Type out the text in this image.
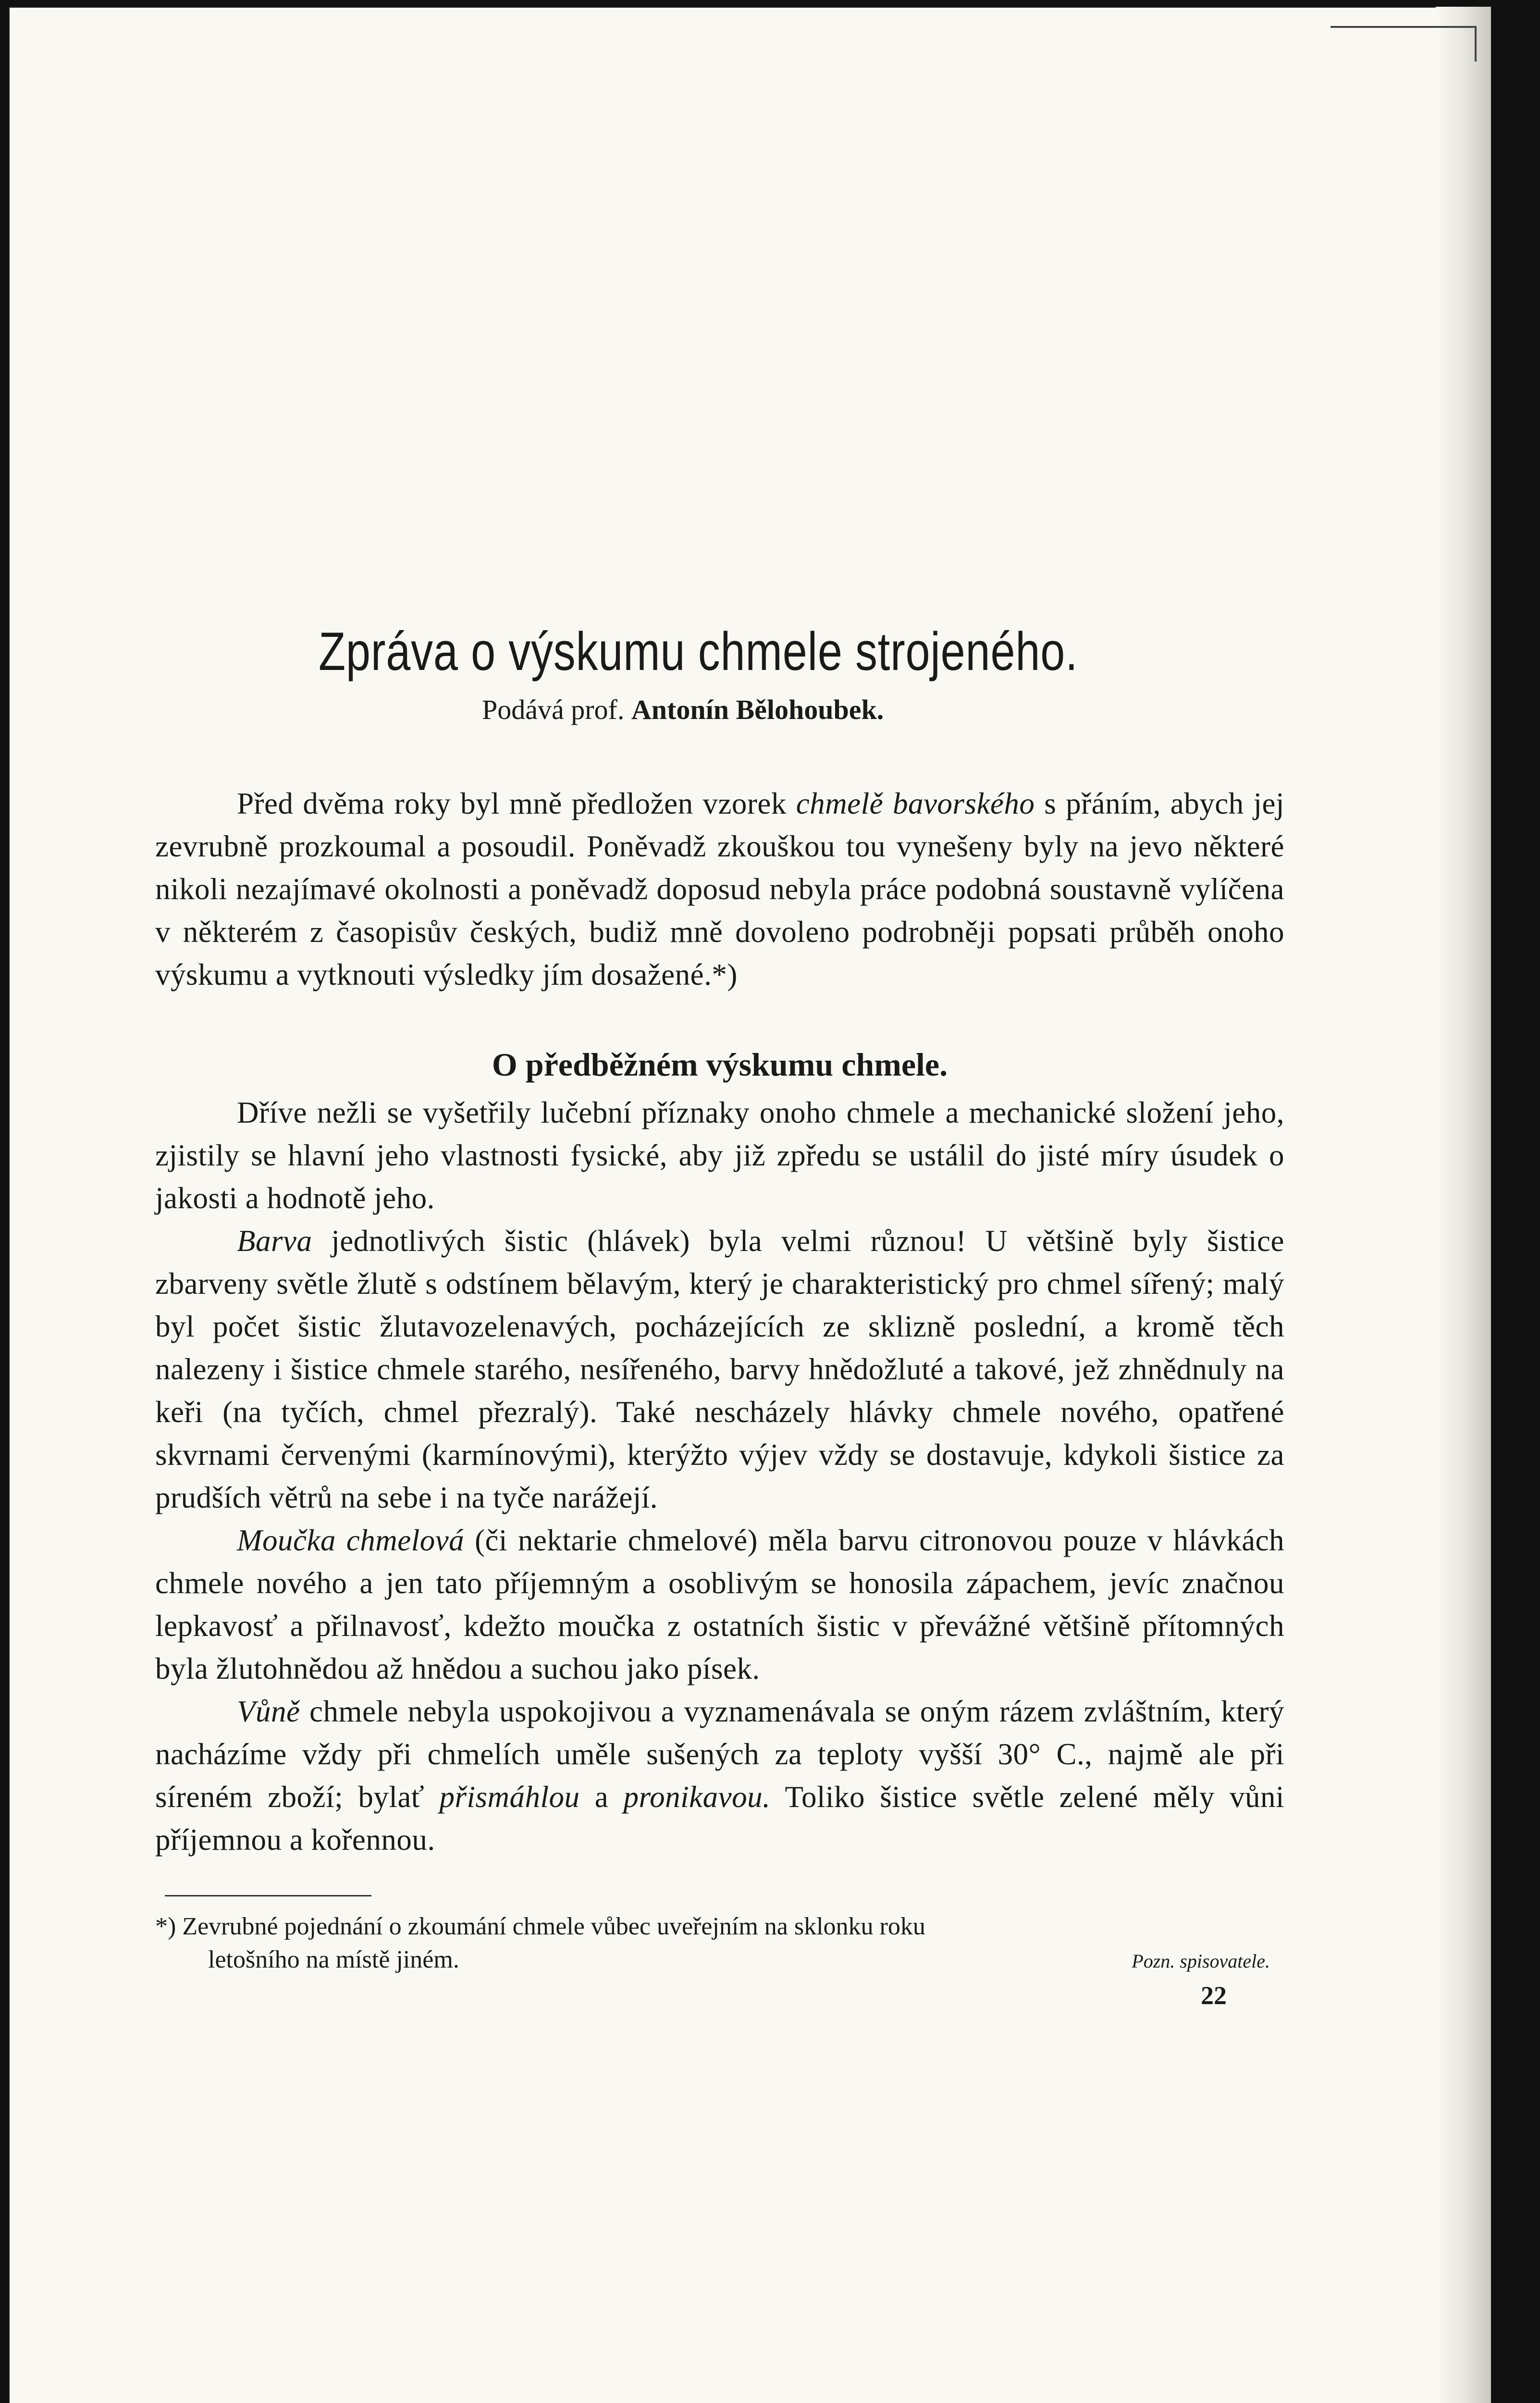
Zpráva o výskumu chmele strojeného.
Podává prof. Antonín Bělohoubek.

Před dvěma roky byl mně předložen vzorek chmelě bavorského s přáním, abych jej zevrubně prozkoumal a posoudil. Poněvadž zkouškou tou vynešeny byly na jevo některé nikoli nezajímavé okolnosti a poněvadž doposud nebyla práce podobná soustavně vylíčena v některém z časopisův českých, budiž mně dovoleno podrobněji popsati průběh onoho výskumu a vytknouti výsledky jím dosažené.*)

O předběžném výskumu chmele.

Dříve nežli se vyšetřily lučební příznaky onoho chmele a mechanické složení jeho, zjistily se hlavní jeho vlastnosti fysické, aby již zpředu se ustálil do jisté míry úsudek o jakosti a hodnotě jeho.

Barva jednotlivých šistic (hlávek) byla velmi různou! U většině byly šistice zbarveny světle žlutě s odstínem bělavým, který je charakteristický pro chmel sířený; malý byl počet šistic žlutavozelenavých, pocházejících ze sklizně poslední, a kromě těch nalezeny i šistice chmele starého, nesířeného, barvy hnědožluté a takové, jež zhnědnuly na keři (na tyčích, chmel přezralý). Také nescházely hlávky chmele nového, opatřené skvrnami červenými (karmínovými), kterýžto výjev vždy se dostavuje, kdykoli šistice za prudších větrů na sebe i na tyče narážejí.

Moučka chmelová (či nektarie chmelové) měla barvu citronovou pouze v hlávkách chmele nového a jen tato příjemným a osoblivým se honosila zápachem, jevíc značnou lepkavosť a přilnavosť, kdežto moučka z ostatních šistic v převážné většině přítomných byla žlutohnědou až hnědou a suchou jako písek.

Vůně chmele nebyla uspokojivou a vyznamenávala se oným rázem zvláštním, který nacházíme vždy při chmelích uměle sušených za teploty vyšší 30° C., najmě ale při síreném zboží; bylať přismáhlou a pronikavou. Toliko šistice světle zelené měly vůni příjemnou a kořennou.

*) Zevrubné pojednání o zkoumání chmele vůbec uveřejním na sklonku roku
letošního na místě jiném.	Pozn. spisovatele.
22
